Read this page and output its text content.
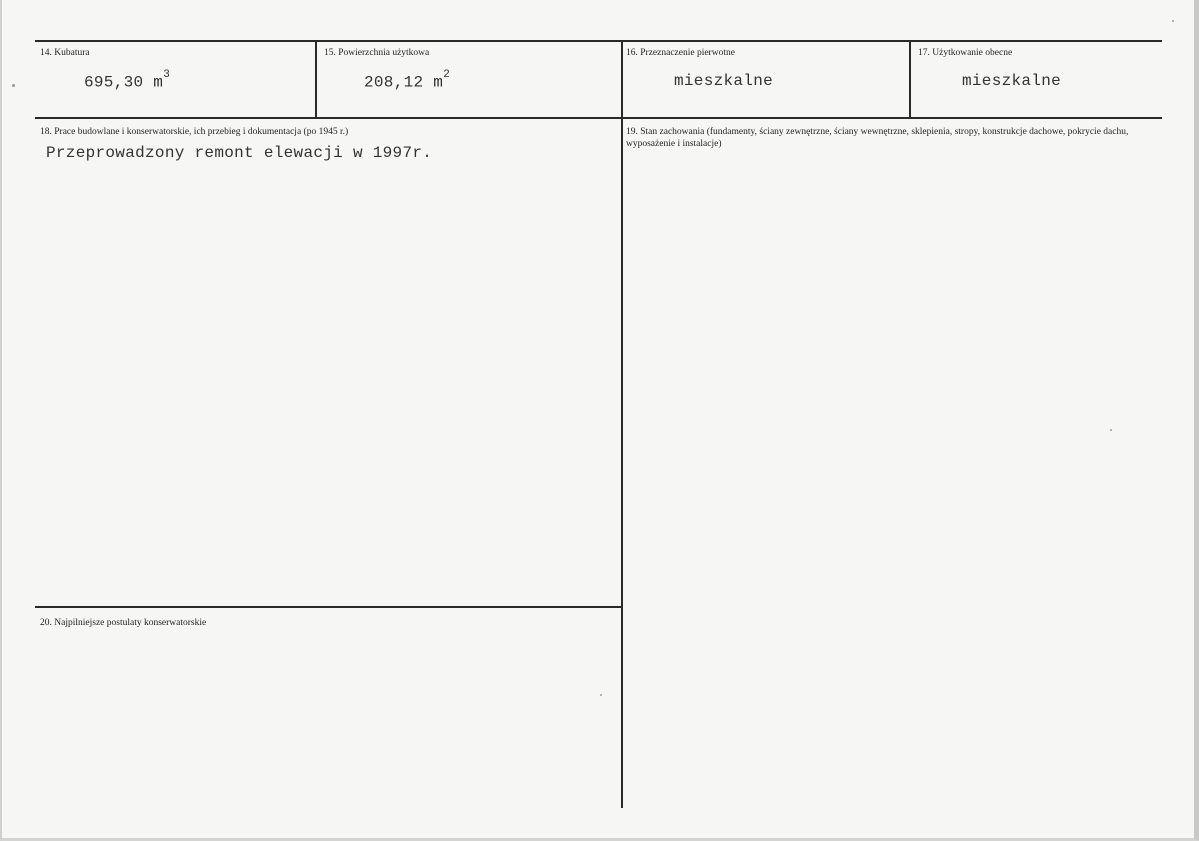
14. Kubatura
695,30 $m^3$
15. Powierzchnia użytkowa
208,12 $m^2$
16. Przeznaczenie pierwotne
mieszkalne
17. Użytkowanie obecne
mieszkalne
18. Prace budowlane i konserwatorskie, ich przebieg i dokumentacja (po 1945 r.)
Przeprowadzony remont elewacji w 1997r.
19. Stan zachowania (fundamenty, ściany zewnętrzne, ściany wewnętrzne, sklepienia, stropy, konstrukcje dachowe, pokrycie dachu, wyposażenie i instalacje)
20. Najpilniejsze postulaty konserwatorskie
